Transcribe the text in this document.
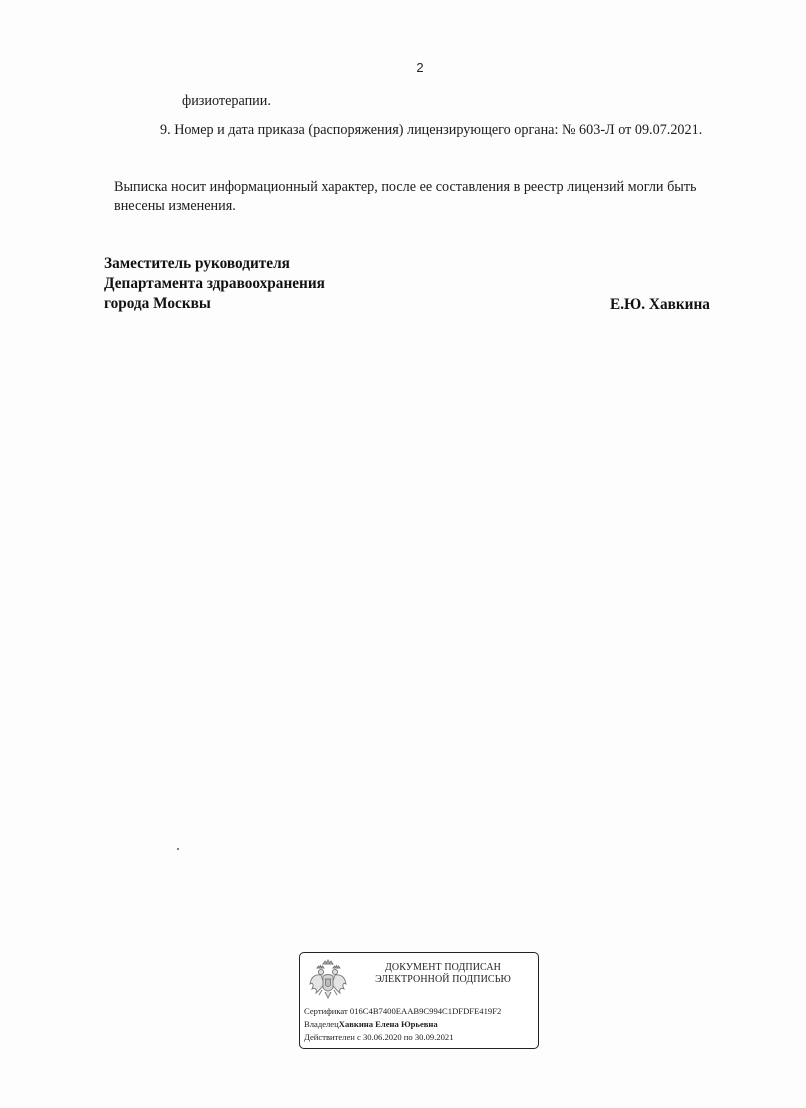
2
физиотерапии.
9. Номер и дата приказа (распоряжения) лицензирующего органа: № 603-Л от 09.07.2021.
Выписка носит информационный характер, после ее составления в реестр лицензий могли быть
внесены изменения.
Заместитель руководителя
Департамента здравоохранения
города Москвы	Е.Ю. Хавкина
ДОКУМЕНТ ПОДПИСАН
ЭЛЕКТРОННОЙ ПОДПИСЬЮ
Сертификат 016C4B7400EAAB9C994C1DFDFE419F2
ВладелецХавкина Елена Юрьевна
Действителен с 30.06.2020 по 30.09.2021
